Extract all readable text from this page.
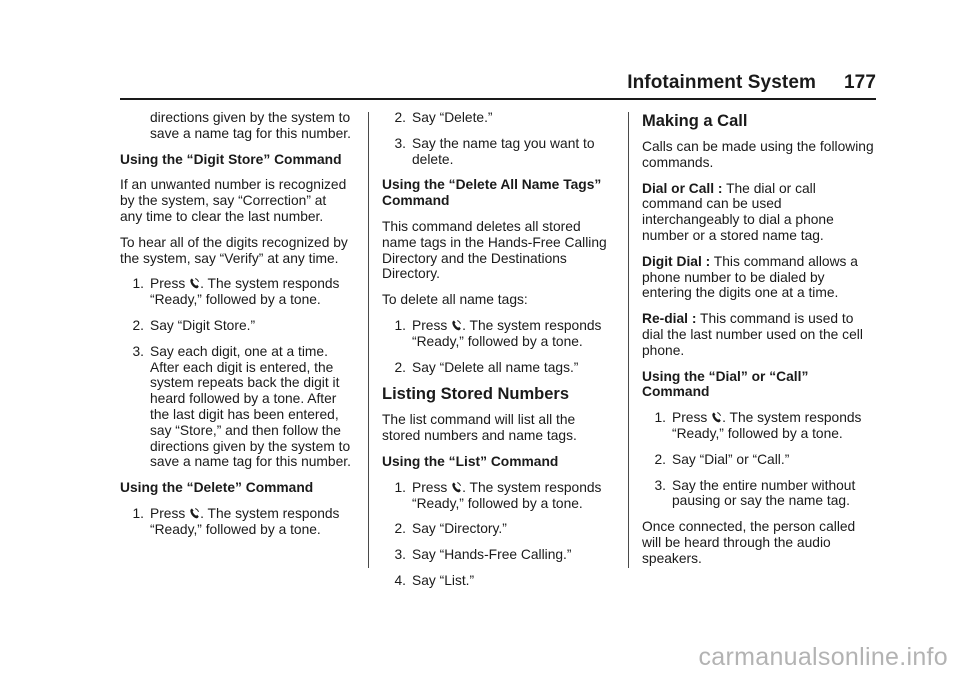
Infotainment System 177

directions given by the system to save a name tag for this number.

Using the “Digit Store” Command

If an unwanted number is recognized by the system, say “Correction” at any time to clear the last number.

To hear all of the digits recognized by the system, say “Verify” at any time.

1. Press . The system responds “Ready,” followed by a tone.
2. Say “Digit Store.”
3. Say each digit, one at a time. After each digit is entered, the system repeats back the digit it heard followed by a tone. After the last digit has been entered, say “Store,” and then follow the directions given by the system to save a name tag for this number.

Using the “Delete” Command

1. Press . The system responds “Ready,” followed by a tone.
2. Say “Delete.”
3. Say the name tag you want to delete.

Using the “Delete All Name Tags” Command

This command deletes all stored name tags in the Hands-Free Calling Directory and the Destinations Directory.

To delete all name tags:

1. Press . The system responds “Ready,” followed by a tone.
2. Say “Delete all name tags.”
Listing Stored Numbers

The list command will list all the stored numbers and name tags.

Using the “List” Command

1. Press . The system responds “Ready,” followed by a tone.
2. Say “Directory.”
3. Say “Hands-Free Calling.”
4. Say “List.”
Making a Call

Calls can be made using the following commands.

Dial or Call : The dial or call command can be used interchangeably to dial a phone number or a stored name tag.

Digit Dial : This command allows a phone number to be dialed by entering the digits one at a time.

Re-dial : This command is used to dial the last number used on the cell phone.

Using the “Dial” or “Call” Command

1. Press . The system responds “Ready,” followed by a tone.
2. Say “Dial” or “Call.”
3. Say the entire number without pausing or say the name tag.

Once connected, the person called will be heard through the audio speakers.

carmanualsonline.info
